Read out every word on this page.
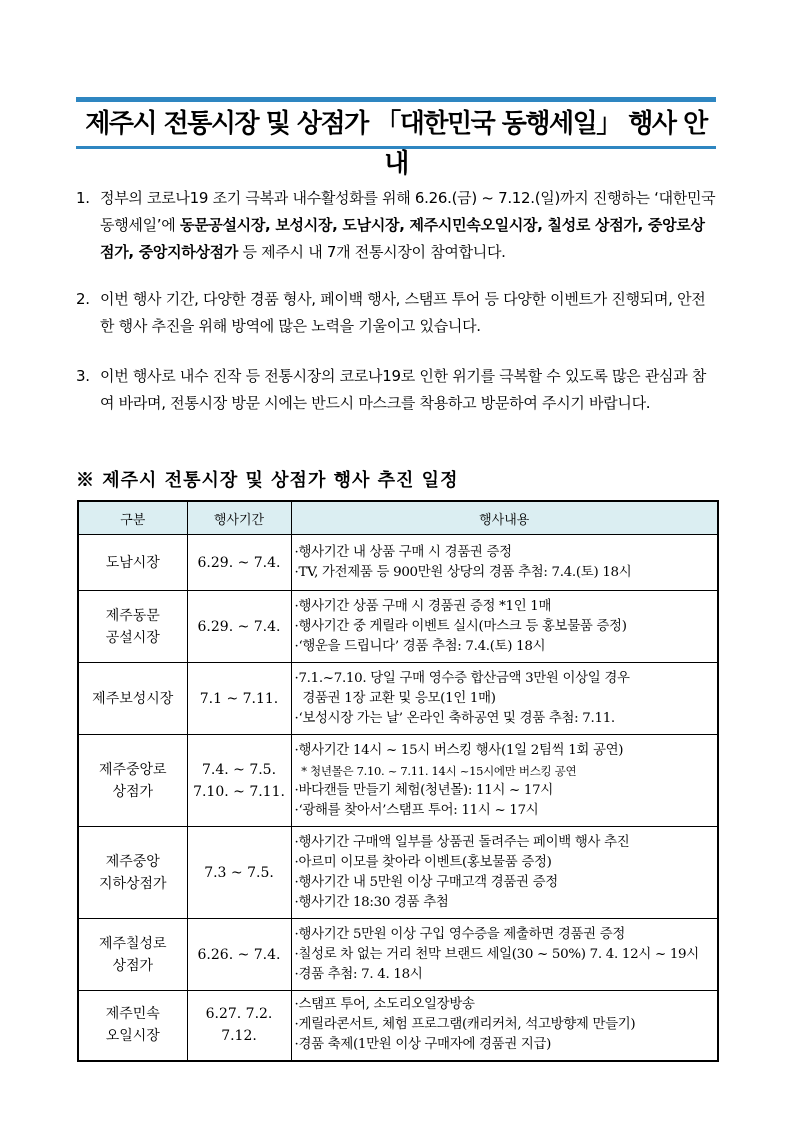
제주시 전통시장 및 상점가 「대한민국 동행세일」 행사 안내
1. 정부의 코로나19 조기 극복과 내수활성화를 위해 6.26.(금) ~ 7.12.(일)까지 진행하는 ‘대한민국 동행세일’에 동문공설시장, 보성시장, 도남시장, 제주시민속오일시장, 칠성로 상점가, 중앙로상점가, 중앙지하상점가 등 제주시 내 7개 전통시장이 참여합니다.
2. 이번 행사 기간, 다양한 경품 형사, 페이백 행사, 스탬프 투어 등 다양한 이벤트가 진행되며, 안전한 행사 추진을 위해 방역에 많은 노력을 기울이고 있습니다.
3. 이번 행사로 내수 진작 등 전통시장의 코로나19로 인한 위기를 극복할 수 있도록 많은 관심과 참여 바라며, 전통시장 방문 시에는 반드시 마스크를 착용하고 방문하여 주시기 바랍니다.
※ 제주시 전통시장 및 상점가 행사 추진 일정
구분	행사기간	행사내용

도남시장	6.29. ~ 7.4.	·행사기간 내 상품 구매 시 경품권 증정
·TV, 가전제품 등 900만원 상당의 경품 추첨: 7.4.(토) 18시

제주동문
공설시장	6.29. ~ 7.4.	·행사기간 상품 구매 시 경품권 증정 *1인 1매
·행사기간 중 게릴라 이벤트 실시(마스크 등 홍보물품 증정)
·‘행운을 드립니다’ 경품 추첨: 7.4.(토) 18시

제주보성시장	7.1 ~ 7.11.	·7.1.~7.10. 당일 구매 영수증 합산금액 3만원 이상일 경우
경품권 1장 교환 및 응모(1인 1매)
·‘보성시장 가는 날’ 온라인 축하공연 및 경품 추첨: 7.11.

제주중앙로
상점가	7.4. ~ 7.5.
7.10. ~ 7.11.	·행사기간 14시 ~ 15시 버스킹 행사(1일 2팀씩 1회 공연)
* 청년몰은 7.10. ~ 7.11. 14시 ~15시에만 버스킹 공연
·바다캔들 만들기 체험(청년몰): 11시 ~ 17시
·‘광해를 찾아서’스탬프 투어: 11시 ~ 17시

제주중앙
지하상점가	7.3 ~ 7.5.	·행사기간 구매액 일부를 상품권 돌려주는 페이백 행사 추진
·아르미 이모를 찾아라 이벤트(홍보물품 증정)
·행사기간 내 5만원 이상 구매고객 경품권 증정
·행사기간 18:30 경품 추첨

제주칠성로
상점가	6.26. ~ 7.4.	·행사기간 5만원 이상 구입 영수증을 제출하면 경품권 증정
·칠성로 차 없는 거리 천막 브랜드 세일(30 ~ 50%) 7. 4. 12시 ~ 19시
·경품 추첨: 7. 4. 18시

제주민속
오일시장	6.27. 7.2.
7.12.	·스탬프 투어, 소도리오일장방송
·게릴라콘서트, 체험 프로그램(캐리커처, 석고방향제 만들기)
·경품 축제(1만원 이상 구매자에 경품권 지급)
